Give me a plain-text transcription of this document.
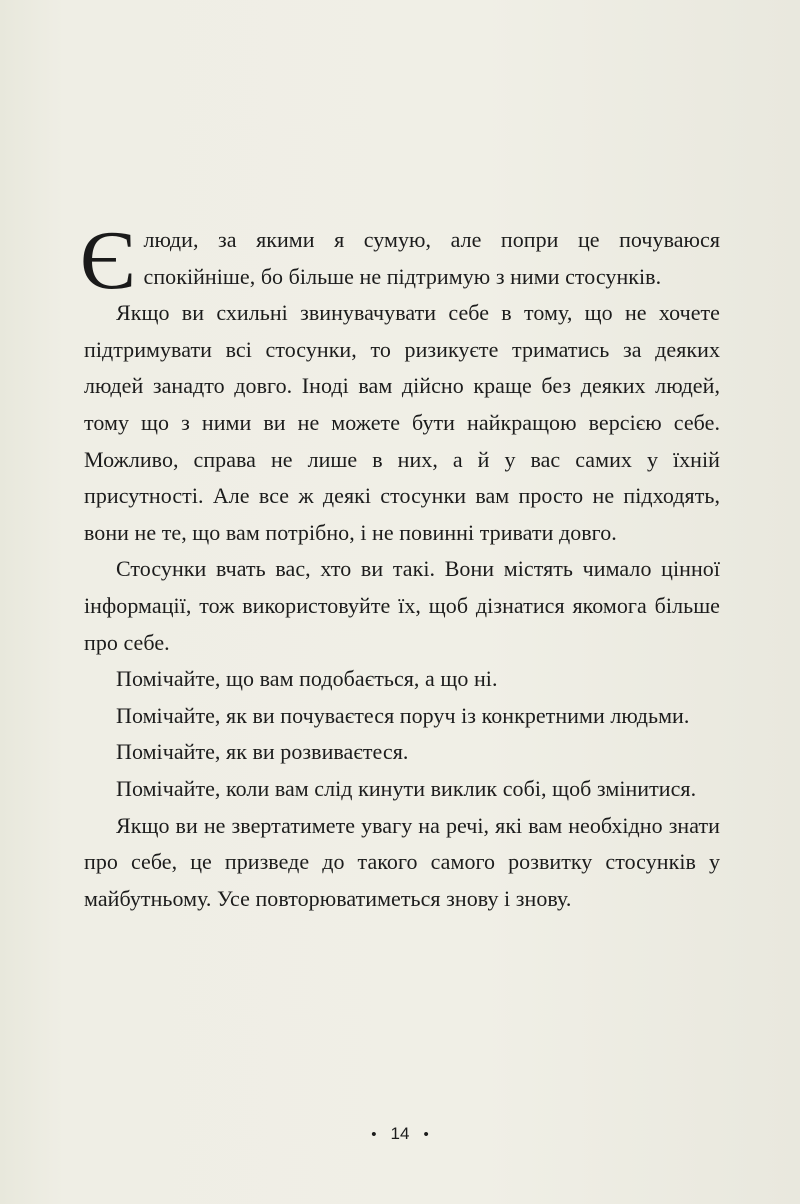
Єлюди, за якими я сумую, але попри це почуваюся спокійніше, бо більше не підтримую з ними стосунків.

Якщо ви схильні звинувачувати себе в тому, що не хочете підтримувати всі стосунки, то ризикуєте триматись за деяких людей занадто довго. Іноді вам дійсно краще без деяких людей, тому що з ними ви не можете бути найкращою версією себе. Можливо, справа не лише в них, а й у вас самих у їхній присутності. Але все ж деякі стосунки вам просто не підходять, вони не те, що вам потрібно, і не повинні тривати довго.

Стосунки вчать вас, хто ви такі. Вони містять чимало цінної інформації, тож використовуйте їх, щоб дізнатися якомога більше про себе.

Помічайте, що вам подобається, а що ні.

Помічайте, як ви почуваєтеся поруч із конкретними людьми.

Помічайте, як ви розвиваєтеся.

Помічайте, коли вам слід кинути виклик собі, щоб змінитися.

Якщо ви не звертатимете увагу на речі, які вам необхідно знати про себе, це призведе до такого самого розвитку стосунків у майбутньому. Усе повторюватиметься знову і знову.

• 14 •
